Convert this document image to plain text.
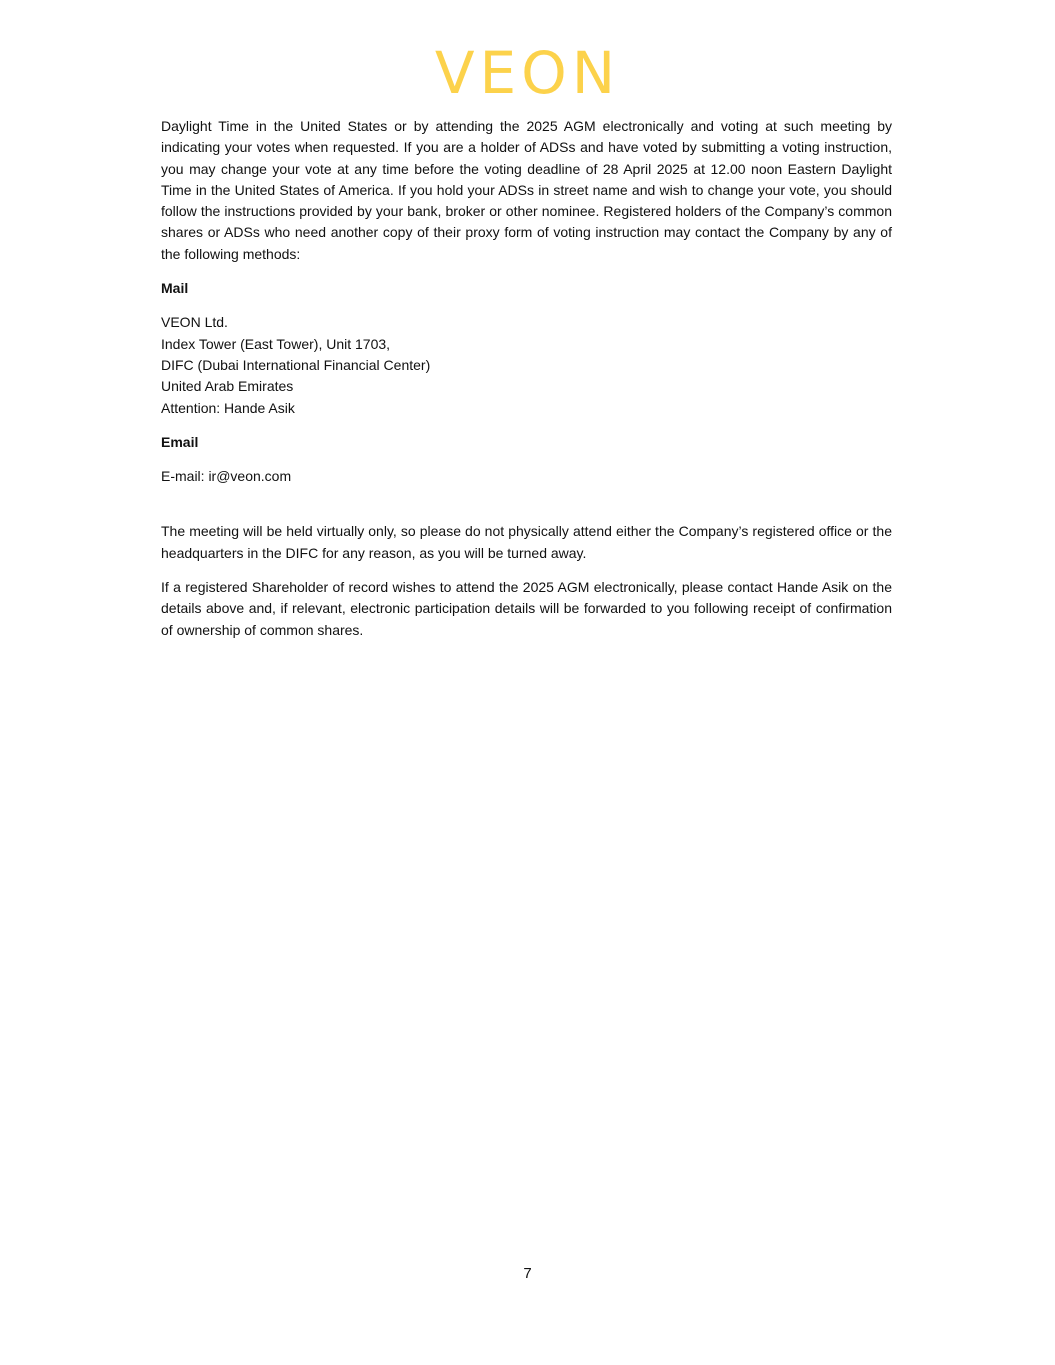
VEON

Daylight Time in the United States or by attending the 2025 AGM electronically and voting at such meeting by indicating your votes when requested. If you are a holder of ADSs and have voted by submitting a voting instruction, you may change your vote at any time before the voting deadline of 28 April 2025 at 12.00 noon Eastern Daylight Time in the United States of America. If you hold your ADSs in street name and wish to change your vote, you should follow the instructions provided by your bank, broker or other nominee. Registered holders of the Company’s common shares or ADSs who need another copy of their proxy form of voting instruction may contact the Company by any of the following methods:

Mail

VEON Ltd.
Index Tower (East Tower), Unit 1703,
DIFC (Dubai International Financial Center)
United Arab Emirates
Attention: Hande Asik

Email

E-mail: ir@veon.com

The meeting will be held virtually only, so please do not physically attend either the Company’s registered office or the headquarters in the DIFC for any reason, as you will be turned away.

If a registered Shareholder of record wishes to attend the 2025 AGM electronically, please contact Hande Asik on the details above and, if relevant, electronic participation details will be forwarded to you following receipt of confirmation of ownership of common shares.

7
